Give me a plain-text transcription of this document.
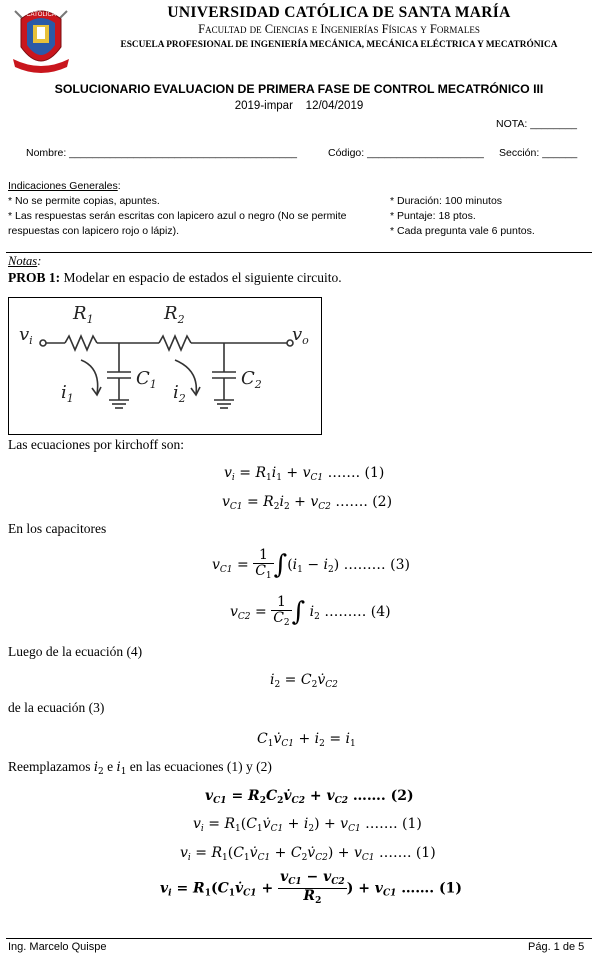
CATÓLICA	UNIVERSIDAD CATÓLICA DE SANTA MARÍA
Facultad de Ciencias e Ingenierías Físicas y Formales
ESCUELA PROFESIONAL DE INGENIERÍA MECÁNICA, MECÁNICA ELÉCTRICA Y MECATRÓNICA
SOLUCIONARIO EVALUACION DE PRIMERA FASE DE CONTROL MECATRÓNICO III
2019-impar    12/04/2019
NOTA: ________
Nombre: _______________________________________	Código: ____________________ Sección: ______
Indicaciones Generales:
* No se permite copias, apuntes.
* Las respuestas serán escritas con lapicero azul o negro (No se permite
respuestas con lapicero rojo o lápiz).
* Duración: 100 minutos
* Puntaje: 18 ptos.
* Cada pregunta vale 6 puntos.
Notas:
PROB 1: Modelar en espacio de estados el siguiente circuito.
$v_i$
$R_1$	$R_2$
$v_o$
$C_1$	$C_2$
$i_1$	$i_2$
Las ecuaciones por kirchoff son:
$v_i = R_1i_1 + v_{C1}$ ……. (1)
$v_{C1} = R_2i_2 + v_{C2}$ ……. (2)
En los capacitores
$v_{C1} = \frac{1}{C_1} \int(i_1 - i_2)$ ……… (3)
$v_{C2} = \frac{1}{C_2}$ ∫ $i_2$ ……… (4)
Luego de la ecuación (4)
$i_2$ = $C_2v̇_{C2}$
de la ecuación (3)
$C_1v̇_{C1} + i_2 = i_1$
Reemplazamos $i_2$ e $i_1$ en las ecuaciones (1) y (2)
$v_{C1}$ = $R_2C_2v̇_{C2} + v_{C2}$ ……. (2)
$v_i$ = $R_1(C_1v̇_{C1} + i_2) + v_{C1}$ ……. (1)
$v_i$ = $R_1(C_1v̇_{C1}$ + $C_2v̇_{C2}) + v_{C1}$ ……. (1)
$v_i$ = $R_1(C_1v̇_{C1} + \frac{v_{C1} - v_{C2}}{R_2}$ ) + $v_{C1}$ ……. (1)
Ing. Marcelo Quispe	Pág. 1 de 5
